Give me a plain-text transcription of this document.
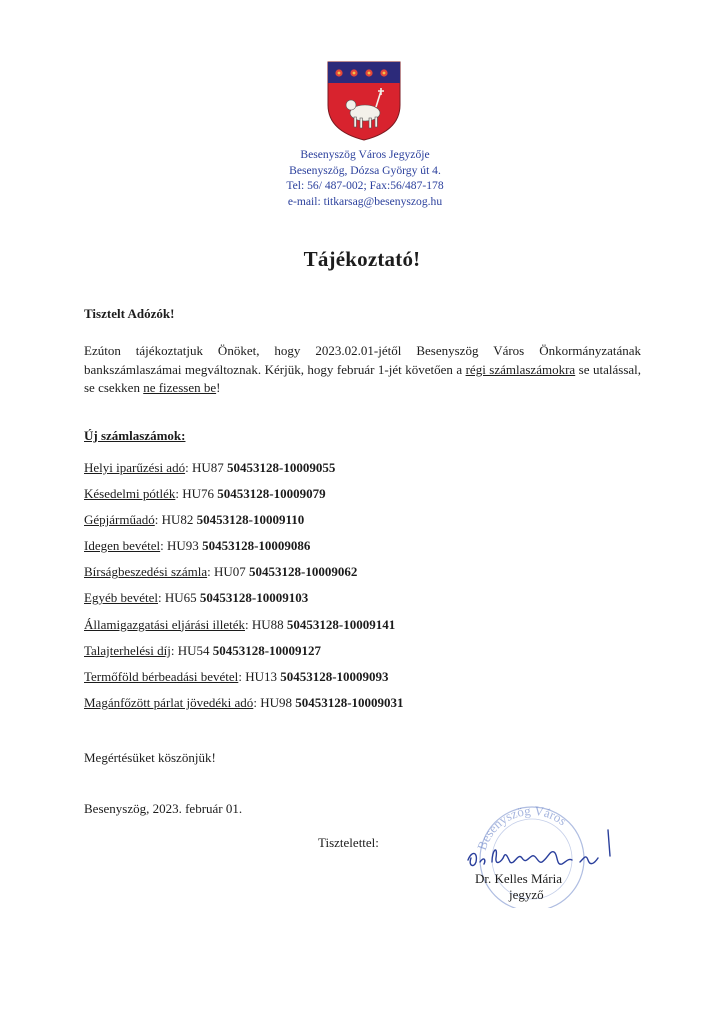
Besenyszög Város Jegyzője
Besenyszög, Dózsa György út 4.
Tel: 56/ 487-002; Fax:56/487-178
e-mail: titkarsag@besenyszog.hu
Tájékoztató!
Tisztelt Adózók!
Ezúton tájékoztatjuk Önöket, hogy 2023.02.01-jétől Besenyszög Város Önkormányzatának bankszámlaszámai megváltoznak. Kérjük, hogy február 1-jét követően a régi számlaszámokra se utalással, se csekken ne fizessen be!
Új számlaszámok:
Helyi iparűzési adó: HU87 50453128-10009055
Késedelmi pótlék: HU76 50453128-10009079
Gépjárműadó: HU82 50453128-10009110
Idegen bevétel: HU93 50453128-10009086
Bírságbeszedési számla: HU07 50453128-10009062
Egyéb bevétel: HU65 50453128-10009103
Államigazgatási eljárási illeték: HU88 50453128-10009141
Talajterhelési díj: HU54 50453128-10009127
Termőföld bérbeadási bevétel: HU13 50453128-10009093
Magánfőzött párlat jövedéki adó: HU98 50453128-10009031
Megértésüket köszönjük!
Besenyszög, 2023. február 01.
Tisztelettel:	Besenyszög Város
Dr. Kelles Mária
jegyző
